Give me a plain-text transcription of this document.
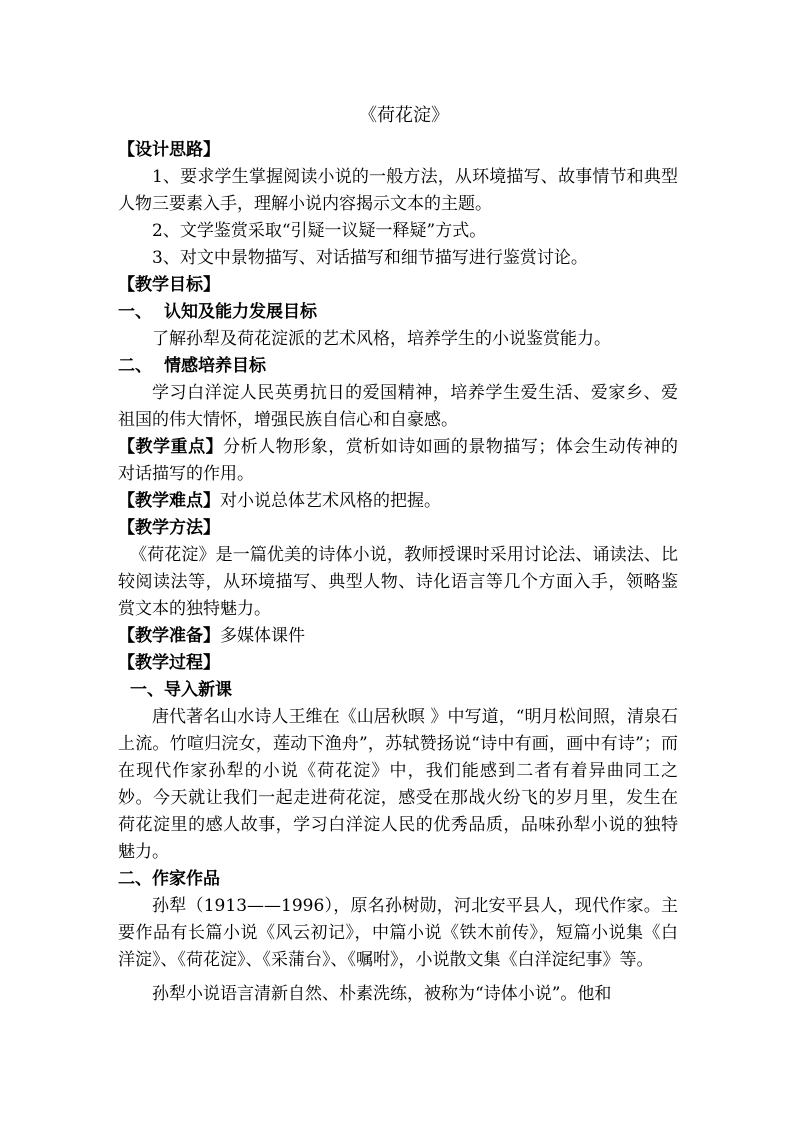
《荷花淀》
【设计思路】
1、要求学生掌握阅读小说的一般方法，从环境描写、故事情节和典型人物三要素入手，理解小说内容揭示文本的主题。
2、文学鉴赏采取“引疑一议疑一释疑”方式。
3、对文中景物描写、对话描写和细节描写进行鉴赏讨论。
【教学目标】
一、 认知及能力发展目标
了解孙犁及荷花淀派的艺术风格，培养学生的小说鉴赏能力。
二、 情感培养目标
学习白洋淀人民英勇抗日的爱国精神，培养学生爱生活、爱家乡、爱祖国的伟大情怀，增强民族自信心和自豪感。
【教学重点】分析人物形象，赏析如诗如画的景物描写；体会生动传神的对话描写的作用。
【教学难点】对小说总体艺术风格的把握。
【教学方法】
《荷花淀》是一篇优美的诗体小说，教师授课时采用讨论法、诵读法、比较阅读法等，从环境描写、典型人物、诗化语言等几个方面入手，领略鉴赏文本的独特魅力。
【教学准备】多媒体课件
【教学过程】
一、导入新课
唐代著名山水诗人王维在《山居秋暝 》中写道，“明月松间照，清泉石上流。竹喧归浣女，莲动下渔舟”，苏轼赞扬说“诗中有画，画中有诗”；而在现代作家孙犁的小说《荷花淀》中，我们能感到二者有着异曲同工之妙。今天就让我们一起走进荷花淀，感受在那战火纷飞的岁月里，发生在荷花淀里的感人故事，学习白洋淀人民的优秀品质，品味孙犁小说的独特魅力。
二、作家作品
孙犁（1913——1996），原名孙树勋，河北安平县人，现代作家。主要作品有长篇小说《风云初记》，中篇小说《铁木前传》，短篇小说集《白洋淀》、《荷花淀》、《采蒲台》、《嘱咐》，小说散文集《白洋淀纪事》等。
孙犁小说语言清新自然、朴素洗练，被称为“诗体小说”。他和
